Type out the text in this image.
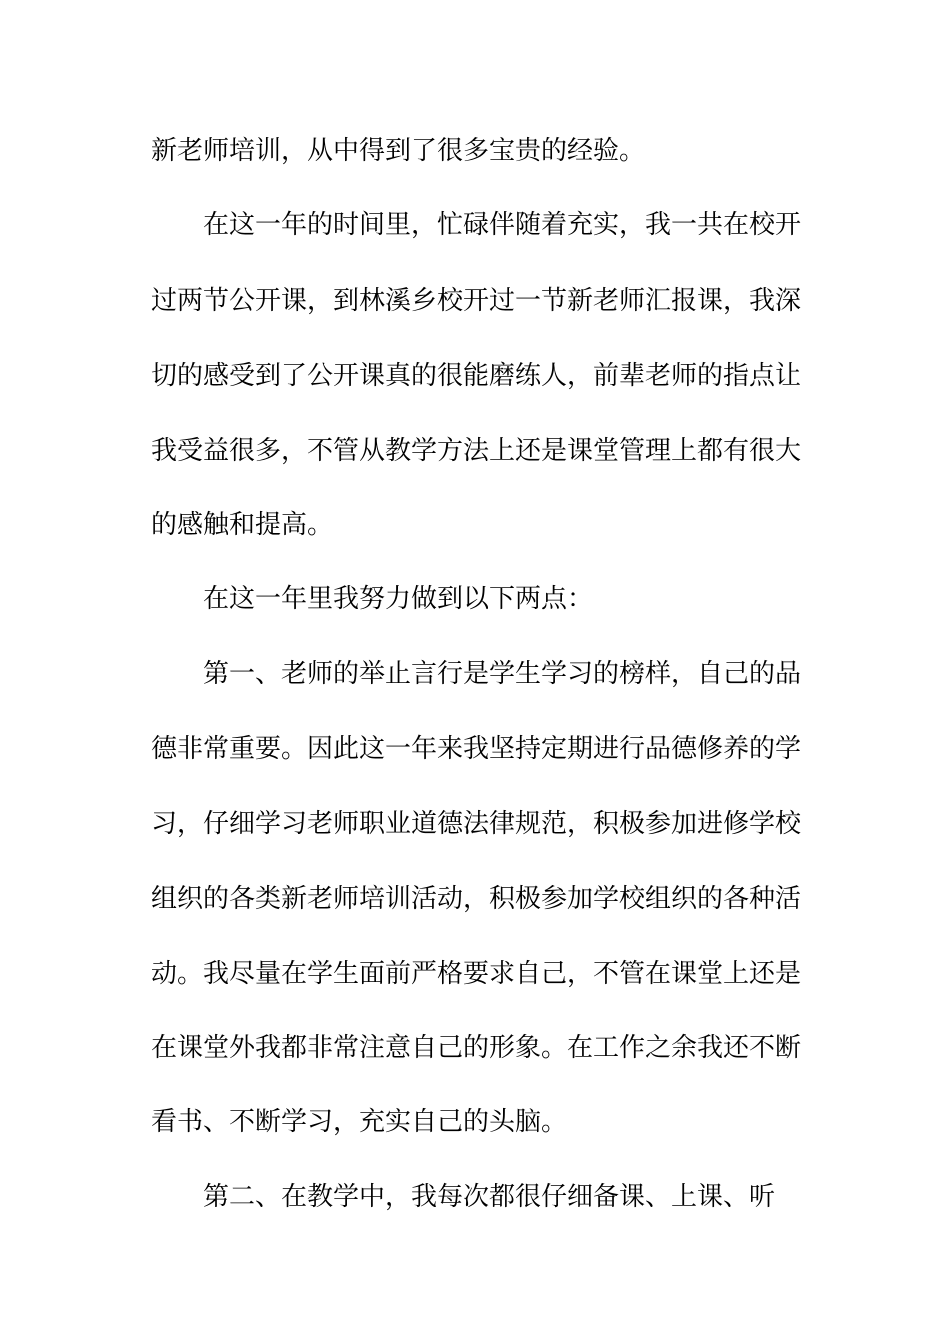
新老师培训，从中得到了很多宝贵的经验。

在这一年的时间里，忙碌伴随着充实，我一共在校开

过两节公开课，到林溪乡校开过一节新老师汇报课，我深

切的感受到了公开课真的很能磨练人，前辈老师的指点让

我受益很多，不管从教学方法上还是课堂管理上都有很大

的感触和提高。

在这一年里我努力做到以下两点：

第一、老师的举止言行是学生学习的榜样，自己的品

德非常重要。因此这一年来我坚持定期进行品德修养的学

习，仔细学习老师职业道德法律规范，积极参加进修学校

组织的各类新老师培训活动，积极参加学校组织的各种活

动。我尽量在学生面前严格要求自己，不管在课堂上还是

在课堂外我都非常注意自己的形象。在工作之余我还不断

看书、不断学习，充实自己的头脑。

第二、在教学中，我每次都很仔细备课、上课、听
